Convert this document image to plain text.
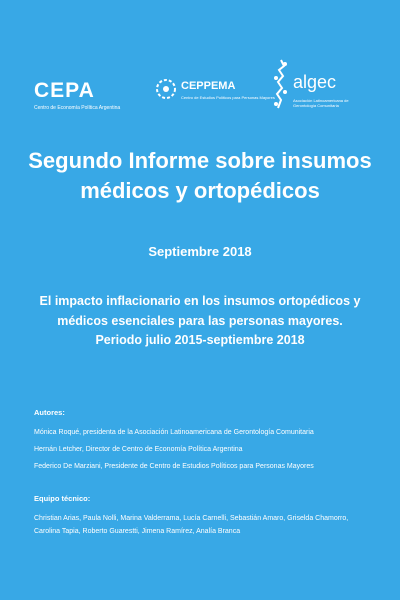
CEPA
Centro de Economía Política Argentina
CEPPEMA
Centro de Estudios Políticos para Personas Mayores
algec
Asociación Latinoamericana de Gerontología Comunitaria
Segundo Informe sobre insumos médicos y ortopédicos
Septiembre 2018
El impacto inflacionario en los insumos ortopédicos y médicos esenciales para las personas mayores.
Periodo julio 2015-septiembre 2018
Autores:
Mónica Roqué, presidenta de la Asociación Latinoamericana de Gerontología Comunitaria
Hernán Letcher, Director de Centro de Economía Política Argentina
Federico De Marziani, Presidente de Centro de Estudios Políticos para Personas Mayores
Equipo técnico:
Christian Arias, Paula Nolli, Marina Valderrama, Lucía Carnelli, Sebastián Amaro, Griselda Chamorro, Carolina Tapia, Roberto Guarestti, Jimena Ramírez, Analía Branca
